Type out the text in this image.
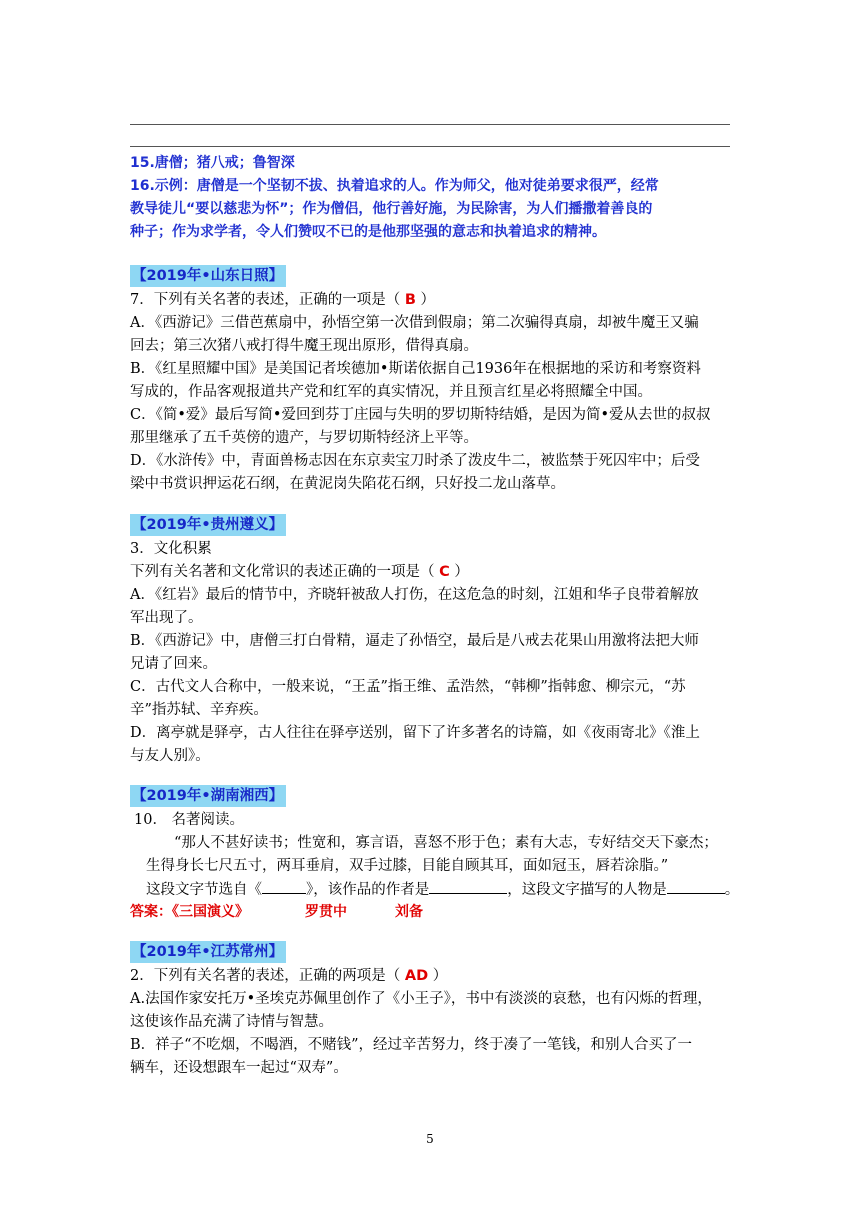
15.唐僧；猪八戒；鲁智深
16.示例：唐僧是一个坚韧不拔、执着追求的人。作为师父，他对徒弟要求很严，经常
教导徒儿“要以慈悲为怀”；作为僧侣，他行善好施，为民除害，为人们播撒着善良的
种子；作为求学者，令人们赞叹不已的是他那坚强的意志和执着追求的精神。
【2019年•山东日照】
7．下列有关名著的表述，正确的一项是（ B ）
A．《西游记》三借芭蕉扇中，孙悟空第一次借到假扇；第二次骗得真扇，却被牛魔王又骗
回去；第三次猪八戒打得牛魔王现出原形，借得真扇。
B．《红星照耀中国》是美国记者埃德加•斯诺依据自己1936年在根据地的采访和考察资料
写成的，作品客观报道共产党和红军的真实情况，并且预言红星必将照耀全中国。
C．《简•爱》最后写简•爱回到芬丁庄园与失明的罗切斯特结婚，是因为简•爱从去世的叔叔
那里继承了五千英傍的遗产，与罗切斯特经济上平等。
D．《水浒传》中，青面兽杨志因在东京卖宝刀时杀了泼皮牛二，被监禁于死囚牢中；后受
梁中书赏识押运花石纲，在黄泥岗失陷花石纲，只好投二龙山落草。
【2019年•贵州遵义】
3．文化积累
下列有关名著和文化常识的表述正确的一项是（ C ）
A．《红岩》最后的情节中，齐晓轩被敌人打伤，在这危急的时刻，江姐和华子良带着解放
军出现了。
B．《西游记》中，唐僧三打白骨精，逼走了孙悟空，最后是八戒去花果山用激将法把大师
兄请了回来。
C．古代文人合称中，一般来说，“王孟”指王维、孟浩然，“韩柳”指韩愈、柳宗元，“苏
辛”指苏轼、辛弃疾。
D．离亭就是驿亭，古人往往在驿亭送别，留下了许多著名的诗篇，如《夜雨寄北》《淮上
与友人别》。
【2019年•湖南湘西】
10． 名著阅读。
“那人不甚好读书；性宽和，寡言语，喜怒不形于色；素有大志，专好结交天下豪杰；
生得身长七尺五寸，两耳垂肩，双手过膝，目能自顾其耳，面如冠玉，唇若涂脂。”
这段文字节选自《	》，该作品的作者是	，这段文字描写的人物是	。
答案：《三国演义》	罗贯中	刘备
【2019年•江苏常州】
2．下列有关名著的表述，正确的两项是（ AD ）
A.法国作家安托万•圣埃克苏佩里创作了《小王子》，书中有淡淡的哀愁，也有闪烁的哲理，
这使该作品充满了诗情与智慧。
B．祥子“不吃烟，不喝酒，不赌钱”，经过辛苦努力，终于凑了一笔钱，和别人合买了一
辆车，还设想跟车一起过“双寿”。
5
